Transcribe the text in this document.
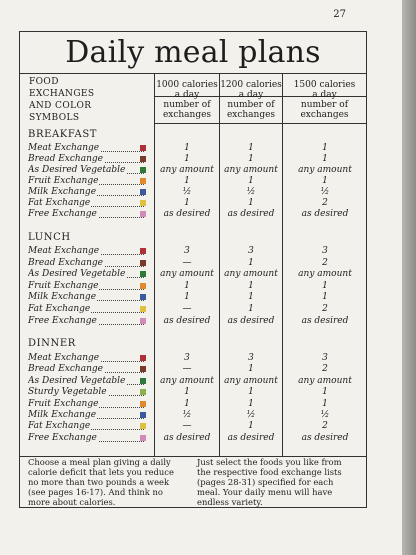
27
Daily meal plans
FOOD
EXCHANGES
AND COLOR
SYMBOLS
1000 calories
a day
1200 calories
a day
1500 calories
a day
number of
exchanges
number of
exchanges
number of
exchanges
BREAKFAST
Meat Exchange	1	1	1
Bread Exchange	1	1	1
As Desired Vegetable	any amount	any amount	any amount
Fruit Exchange	1	1	1
Milk Exchange	½	½	½
Fat Exchange	1	1	2
Free Exchange	as desired	as desired	as desired
LUNCH
Meat Exchange	3	3	3
Bread Exchange	—	1	2
As Desired Vegetable	any amount	any amount	any amount
Fruit Exchange	1	1	1
Milk Exchange	1	1	1
Fat Exchange	—	1	2
Free Exchange	as desired	as desired	as desired
DINNER
Meat Exchange	3	3	3
Bread Exchange	—	1	2
As Desired Vegetable	any amount	any amount	any amount
Sturdy Vegetable	1	1	1
Fruit Exchange	1	1	1
Milk Exchange	½	½	½
Fat Exchange	—	1	2
Free Exchange	as desired	as desired	as desired
Choose a meal plan giving a daily calorie deficit that lets you reduce no more than two pounds a week (see pages 16-17). And think no more about calories.
Just select the foods you like from the respective food exchange lists (pages 28-31) specified for each meal. Your daily menu will have endless variety.
